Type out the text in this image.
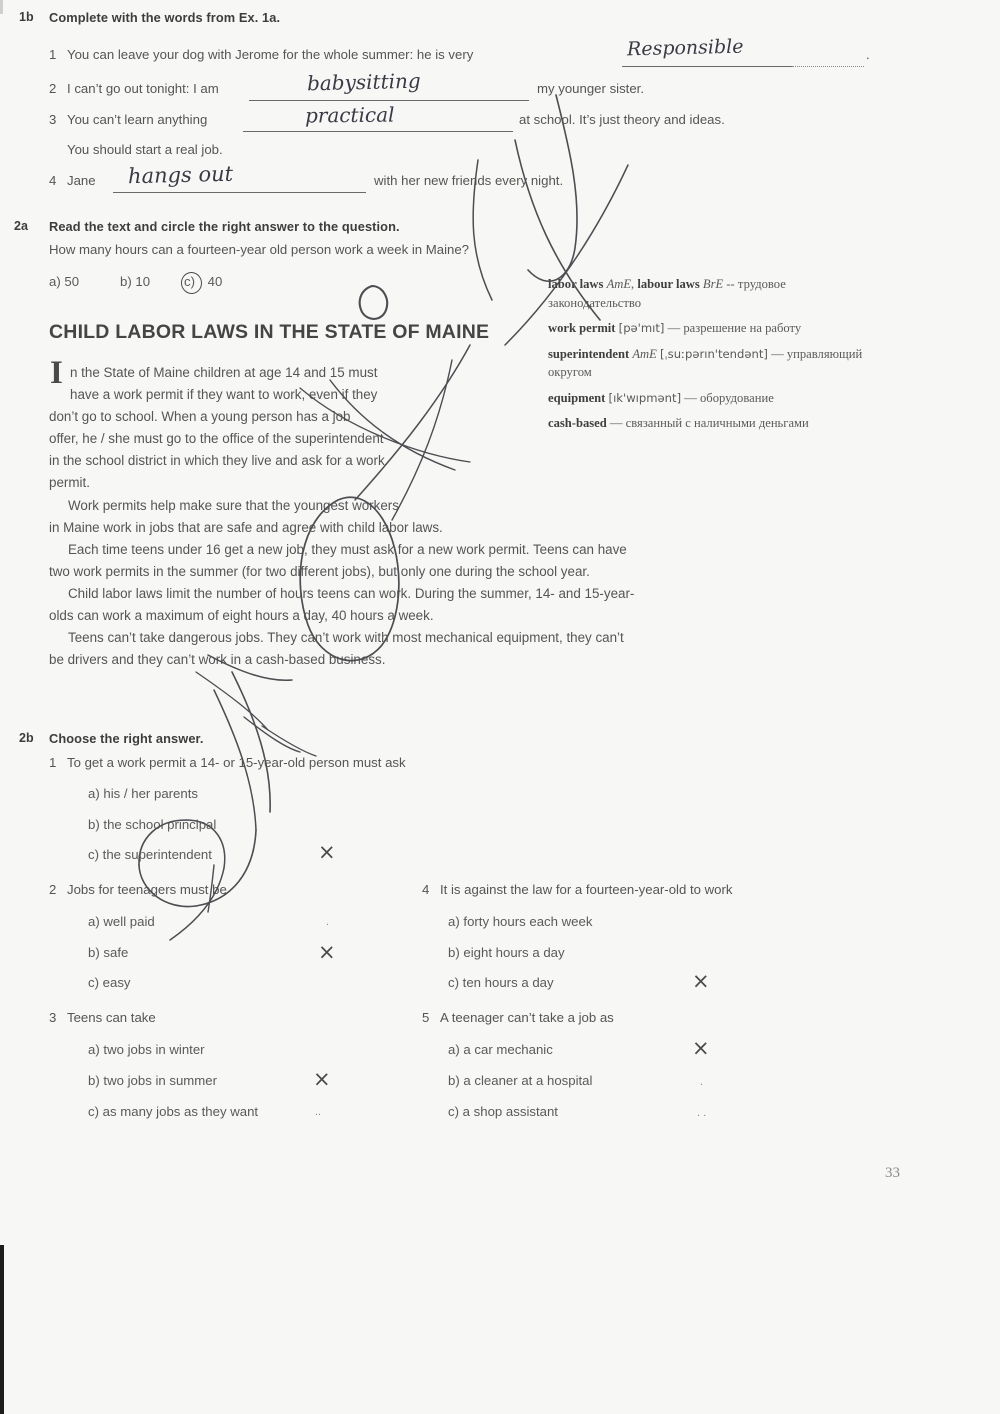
1b Complete with the words from Ex. 1a.
1 You can leave your dog with Jerome for the whole summer: he is very	Responsible	.
2 I can’t go out tonight: I am	babysitting	my younger sister.
3 You can’t learn anything	practical	at school. It’s just theory and ideas.
You should start a real job.
4 Jane hangs out	with her new friends every night.
2a Read the text and circle the right answer to the question.
How many hours can a fourteen-year old person work a week in Maine?
a) 50	b) 10	c) 40
CHILD LABOR LAWS IN THE STATE OF MAINE
I n the State of Maine children at age 14 and 15 must
have a work permit if they want to work, even if they
don’t go to school. When a young person has a job
offer, he / she must go to the office of the superintendent
in the school district in which they live and ask for a work
permit.
Work permits help make sure that the youngest workers
in Maine work in jobs that are safe and agree with child labor laws.
Each time teens under 16 get a new job, they must ask for a new work permit. Teens can have
two work permits in the summer (for two different jobs), but only one during the school year.
Child labor laws limit the number of hours teens can work. During the summer, 14- and 15-year-
olds can work a maximum of eight hours a day, 40 hours a week.
Teens can’t take dangerous jobs. They can’t work with most mechanical equipment, they can’t
be drivers and they can’t work in a cash-based business.
labor laws AmE, labour laws BrE -- трудовое законодательство
work permit [pə'mıt] — разрешение на работу
superintendent AmE [ˌsuːpərın'tendənt] — управляющий округом
equipment [ık'wıpmənt] — оборудование
cash-based — связанный с наличными деньгами
2b Choose the right answer.
1 To get a work permit a 14- or 15-year-old person must ask
a) his / her parents
b) the school principal
c) the superintendent	×
2 Jobs for teenagers must be
a) well paid
b) safe	×
c) easy
.
3 Teens can take
a) two jobs in winter
b) two jobs in summer	×
c) as many jobs as they want	..
4 It is against the law for a fourteen-year-old to work
a) forty hours each week
b) eight hours a day
c) ten hours a day	×
5 A teenager can’t take a job as
a) a car mechanic	×
b) a cleaner at a hospital	.
c) a shop assistant	. .
33
